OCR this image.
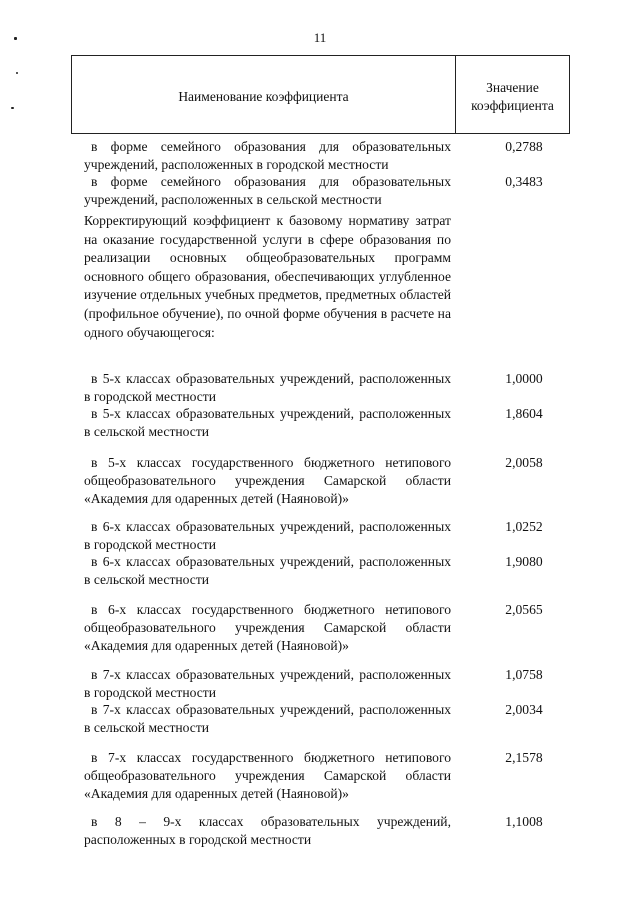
11
Наименование коэффициента
Значение
коэффициента
в форме семейного образования для образовательных учреждений, расположенных в городской местности
0,2788
в форме семейного образования для образовательных учреждений, расположенных в сельской местности
0,3483
Корректирующий коэффициент к базовому нормативу затрат на оказание государственной услуги в сфере образования по реализации основных общеобразовательных программ основного общего образования, обеспечивающих углубленное изучение отдельных учебных предметов, предметных областей (профильное обучение), по очной форме обучения в расчете на одного обучающегося:
в 5-х классах образовательных учреждений, расположенных в городской местности
1,0000
в 5-х классах образовательных учреждений, расположенных в сельской местности
1,8604
в 5-х классах государственного бюджетного нетипового общеобразовательного учреждения Самарской области «Академия для одаренных детей (Наяновой)»
2,0058
в 6-х классах образовательных учреждений, расположенных в городской местности
1,0252
в 6-х классах образовательных учреждений, расположенных в сельской местности
1,9080
в 6-х классах государственного бюджетного нетипового общеобразовательного учреждения Самарской области «Академия для одаренных детей (Наяновой)»
2,0565
в 7-х классах образовательных учреждений, расположенных в городской местности
1,0758
в 7-х классах образовательных учреждений, расположенных в сельской местности
2,0034
в 7-х классах государственного бюджетного нетипового общеобразовательного учреждения Самарской области «Академия для одаренных детей (Наяновой)»
2,1578
в 8 – 9-х классах образовательных учреждений, расположенных в городской местности
1,1008
